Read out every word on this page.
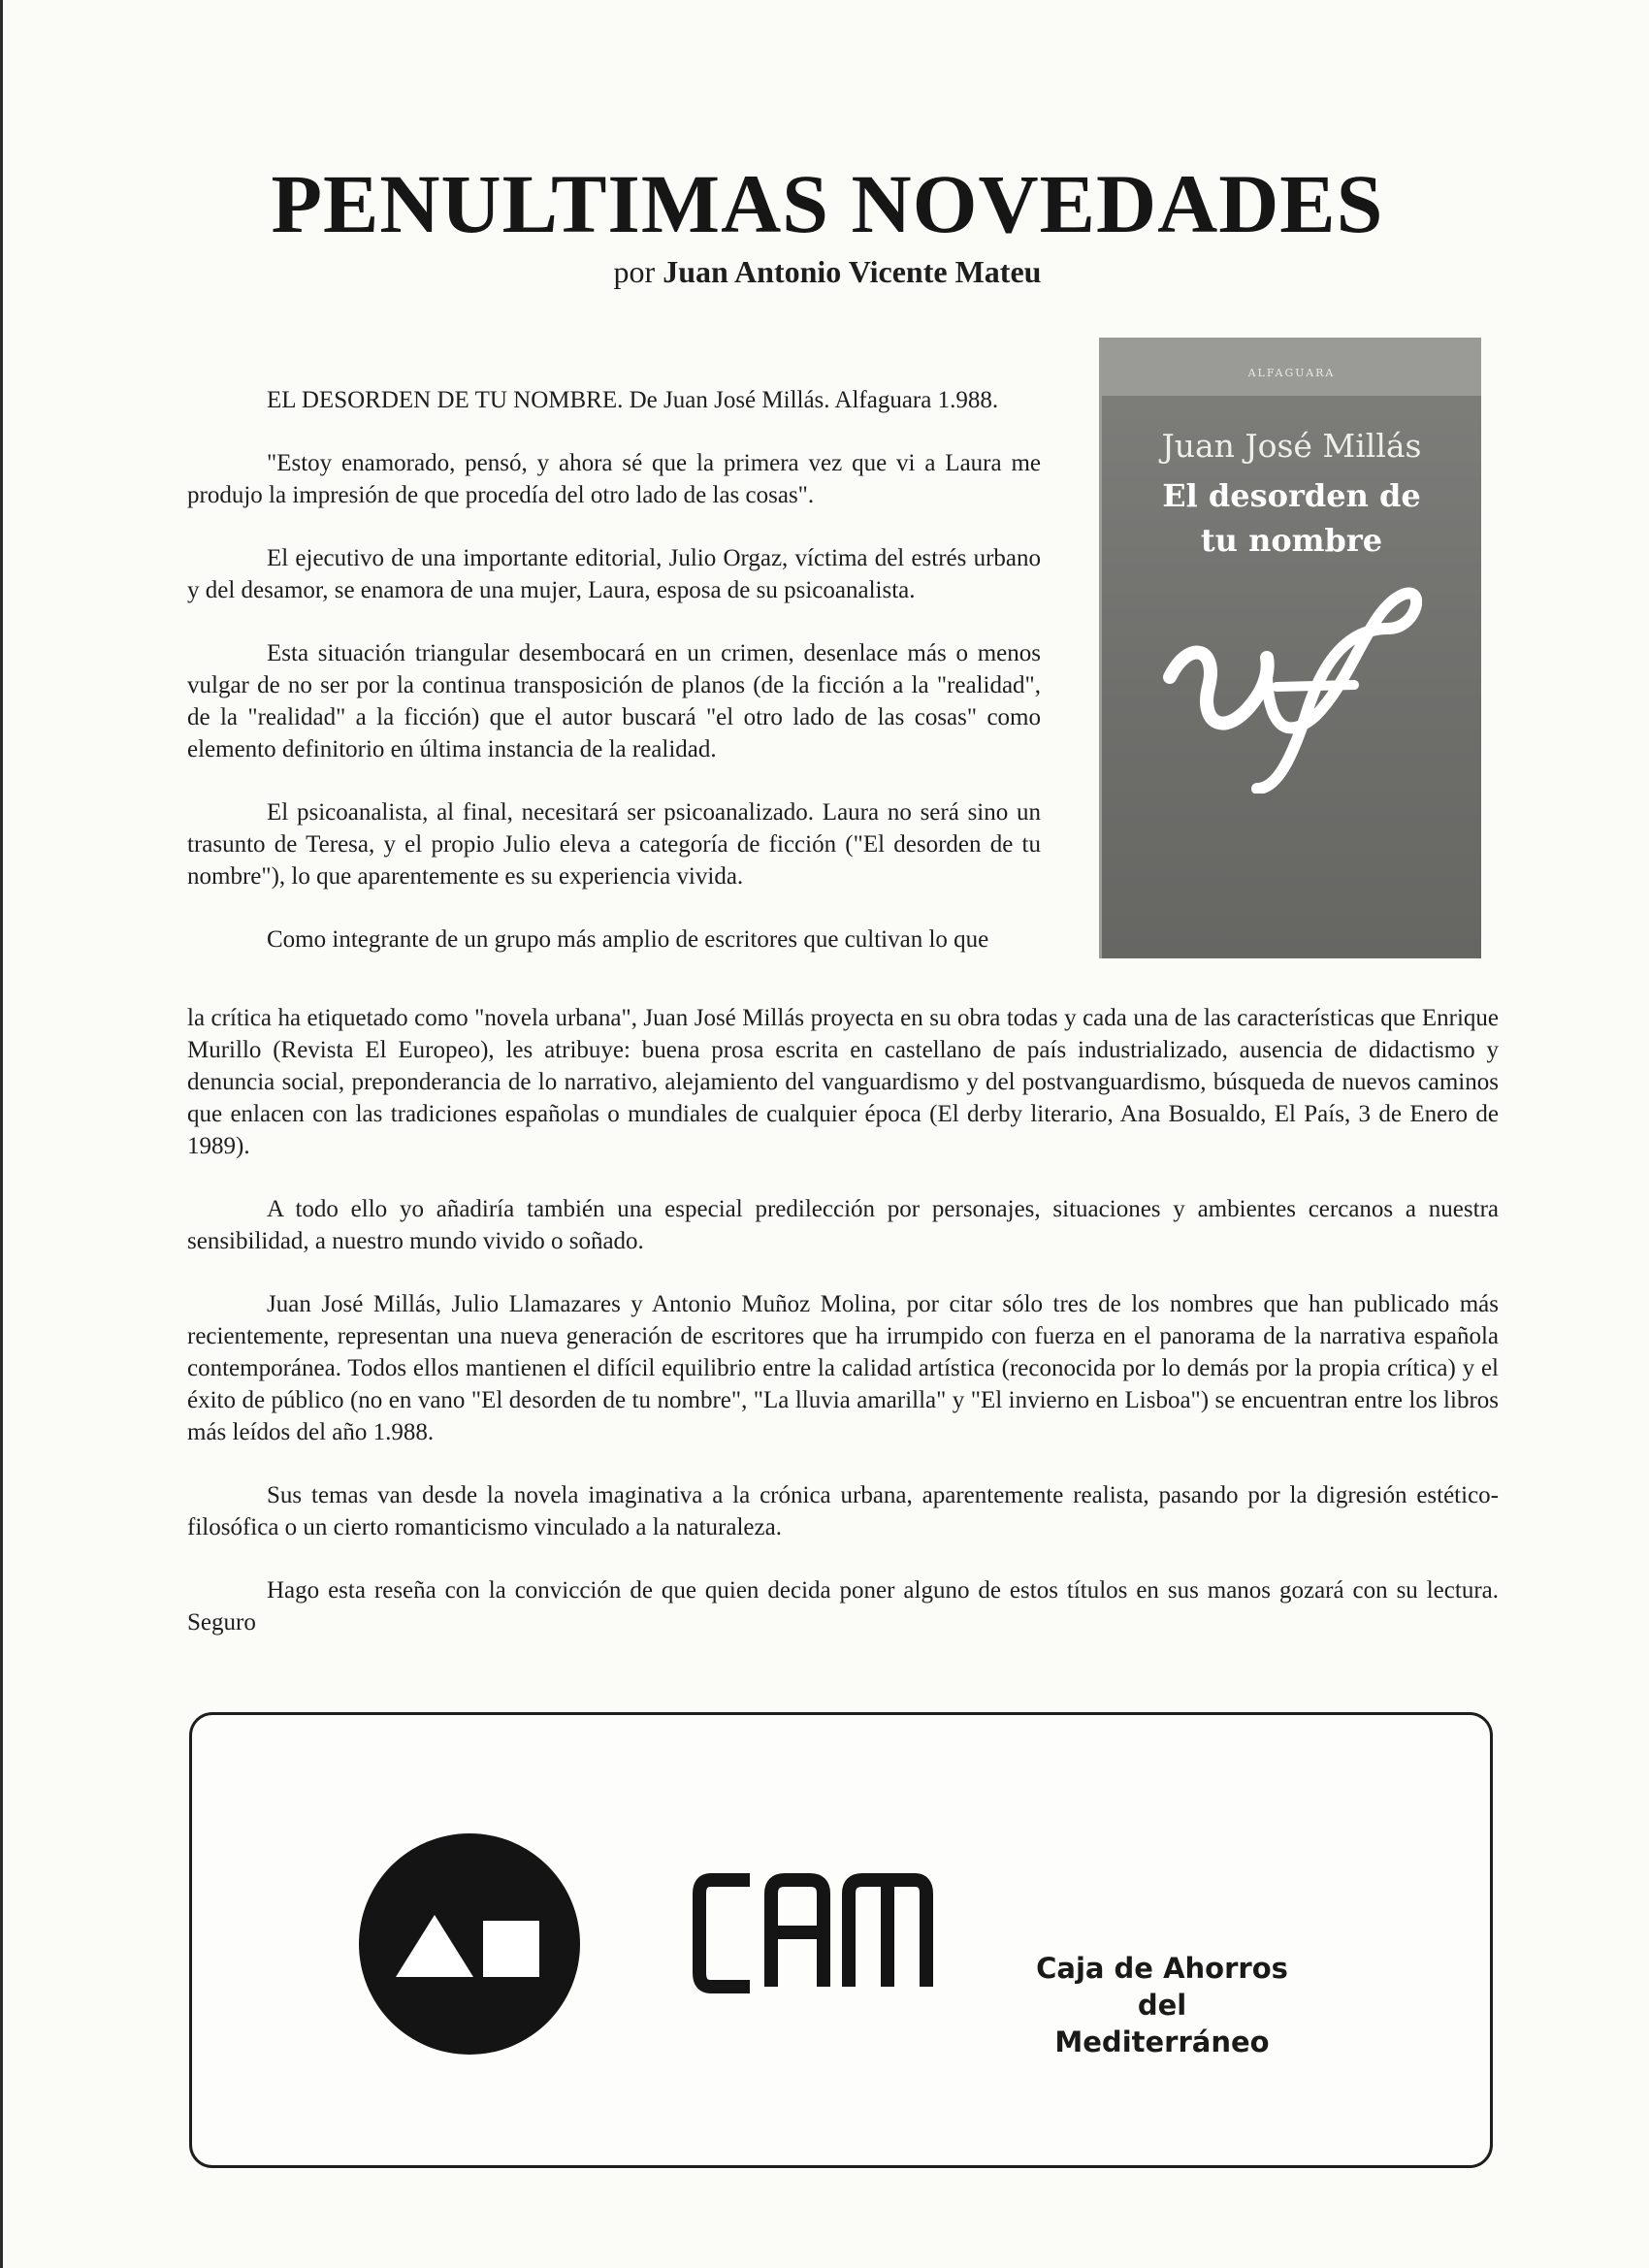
PENULTIMAS NOVEDADES
por Juan Antonio Vicente Mateu

EL DESORDEN DE TU NOMBRE. De Juan José Millás. Alfaguara 1.988.

"Estoy enamorado, pensó, y ahora sé que la primera vez que vi a Laura me produjo la impresión de que procedía del otro lado de las cosas".

El ejecutivo de una importante editorial, Julio Orgaz, víctima del estrés urbano y del desamor, se enamora de una mujer, Laura, esposa de su psicoanalista.

Esta situación triangular desembocará en un crimen, desenlace más o menos vulgar de no ser por la continua transposición de planos (de la ficción a la "realidad", de la "realidad" a la ficción) que el autor buscará "el otro lado de las cosas" como elemento definitorio en última instancia de la realidad.

El psicoanalista, al final, necesitará ser psicoanalizado. Laura no será sino un trasunto de Teresa, y el propio Julio eleva a categoría de ficción ("El desorden de tu nombre"), lo que aparentemente es su experiencia vivida.

Como integrante de un grupo más amplio de escritores que cultivan lo que

ALFAGUARA
Juan José Millás
El desorden de
tu nombre

la crítica ha etiquetado como "novela urbana", Juan José Millás proyecta en su obra todas y cada una de las características que Enrique Murillo (Revista El Europeo), les atribuye: buena prosa escrita en castellano de país industrializado, ausencia de didactismo y denuncia social, preponderancia de lo narrativo, alejamiento del vanguardismo y del postvanguardismo, búsqueda de nuevos caminos que enlacen con las tradiciones españolas o mundiales de cualquier época (El derby literario, Ana Bosualdo, El País, 3 de Enero de 1989).

A todo ello yo añadiría también una especial predilección por personajes, situaciones y ambientes cercanos a nuestra sensibilidad, a nuestro mundo vivido o soñado.

Juan José Millás, Julio Llamazares y Antonio Muñoz Molina, por citar sólo tres de los nombres que han publicado más recientemente, representan una nueva generación de escritores que ha irrumpido con fuerza en el panorama de la narrativa española contemporánea. Todos ellos mantienen el difícil equilibrio entre la calidad artística (reconocida por lo demás por la propia crítica) y el éxito de público (no en vano "El desorden de tu nombre", "La lluvia amarilla" y "El invierno en Lisboa") se encuentran entre los libros más leídos del año 1.988.

Sus temas van desde la novela imaginativa a la crónica urbana, aparentemente realista, pasando por la digresión estético-filosófica o un cierto romanticismo vinculado a la naturaleza.

Hago esta reseña con la convicción de que quien decida poner alguno de estos títulos en sus manos gozará con su lectura. Seguro

CAM
Caja de Ahorros
del Mediterráneo
